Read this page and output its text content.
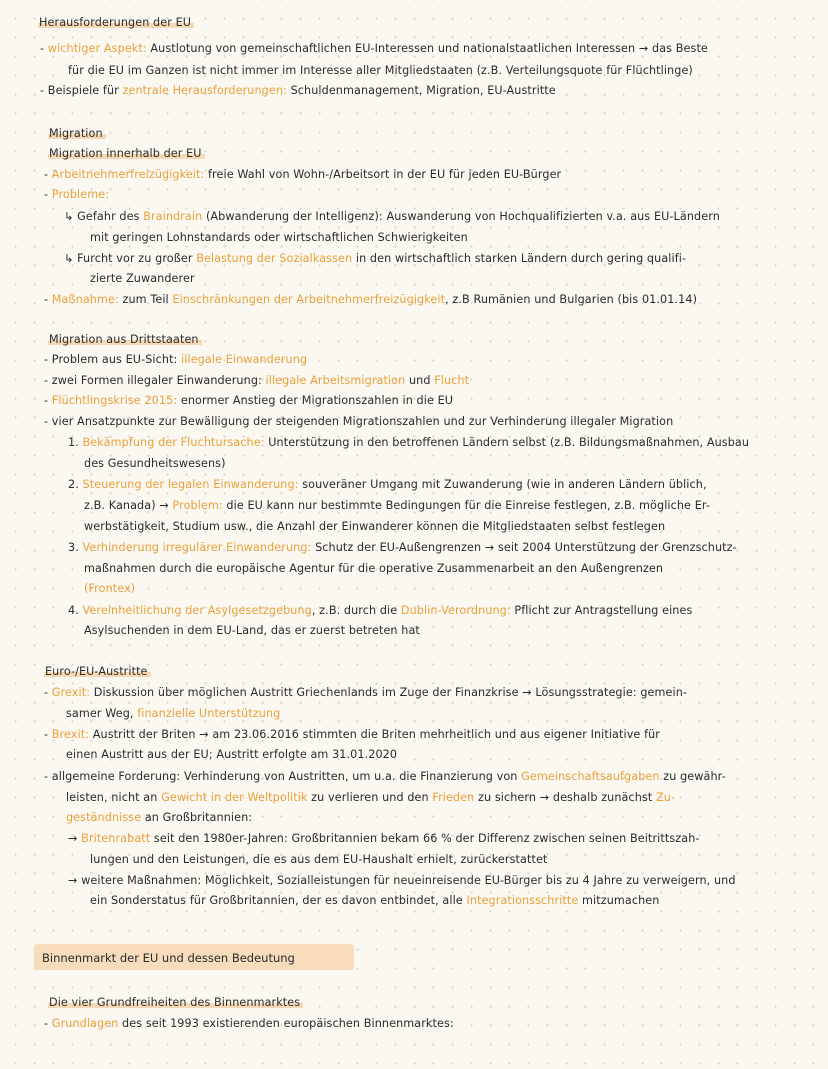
Herausforderungen der EU
- wichtiger Aspekt: Austlotung von gemeinschaftlichen EU-Interessen und nationalstaatlichen Interessen → das Beste
für die EU im Ganzen ist nicht immer im Interesse aller Mitgliedstaaten (z.B. Verteilungsquote für Flüchtlinge)
- Beispiele für zentrale Herausforderungen: Schuldenmanagement, Migration, EU-Austritte
Migration
Migration innerhalb der EU
- Arbeitnehmerfreizügigkeit: freie Wahl von Wohn-/Arbeitsort in der EU für jeden EU-Bürger
- Probleme:
↳ Gefahr des Braindrain (Abwanderung der Intelligenz): Auswanderung von Hochqualifizierten v.a. aus EU-Ländern
mit geringen Lohnstandards oder wirtschaftlichen Schwierigkeiten
↳ Furcht vor zu großer Belastung der Sozialkassen in den wirtschaftlich starken Ländern durch gering qualifi-
zierte Zuwanderer
- Maßnahme: zum Teil Einschränkungen der Arbeitnehmerfreizügigkeit, z.B Rumänien und Bulgarien (bis 01.01.14)
Migration aus Drittstaaten
- Problem aus EU-Sicht: illegale Einwanderung
- zwei Formen illegaler Einwanderung: illegale Arbeitsmigration und Flucht
- Flüchtlingskrise 2015: enormer Anstieg der Migrationszahlen in die EU
- vier Ansatzpunkte zur Bewälligung der steigenden Migrationszahlen und zur Verhinderung illegaler Migration
1. Bekämpfung der Fluchtursache: Unterstützung in den betroffenen Ländern selbst (z.B. Bildungsmaßnahmen, Ausbau
des Gesundheitswesens)
2. Steuerung der legalen Einwanderung: souveräner Umgang mit Zuwanderung (wie in anderen Ländern üblich,
z.B. Kanada) → Problem: die EU kann nur bestimmte Bedingungen für die Einreise festlegen, z.B. mögliche Er-
werbstätigkeit, Studium usw., die Anzahl der Einwanderer können die Mitgliedstaaten selbst festlegen
3. Verhinderung irregulärer Einwanderung: Schutz der EU-Außengrenzen → seit 2004 Unterstützung der Grenzschutz-
maßnahmen durch die europäische Agentur für die operative Zusammenarbeit an den Außengrenzen
(Frontex)
4. Vereinheitlichung der Asylgesetzgebung, z.B. durch die Dublin-Verordnung: Pflicht zur Antragstellung eines
Asylsuchenden in dem EU-Land, das er zuerst betreten hat
Euro-/EU-Austritte
- Grexit: Diskussion über möglichen Austritt Griechenlands im Zuge der Finanzkrise → Lösungsstrategie: gemein-
samer Weg, finanzielle Unterstützung
- Brexit: Austritt der Briten → am 23.06.2016 stimmten die Briten mehrheitlich und aus eigener Initiative für
einen Austritt aus der EU; Austritt erfolgte am 31.01.2020
- allgemeine Forderung: Verhinderung von Austritten, um u.a. die Finanzierung von Gemeinschaftsaufgaben zu gewähr-
leisten, nicht an Gewicht in der Weltpolitik zu verlieren und den Frieden zu sichern → deshalb zunächst Zu-
geständnisse an Großbritannien:
→ Britenrabatt seit den 1980er-Jahren: Großbritannien bekam 66 % der Differenz zwischen seinen Beitrittszah-
lungen und den Leistungen, die es aus dem EU-Haushalt erhielt, zurückerstattet
→ weitere Maßnahmen: Möglichkeit, Sozialleistungen für neueinreisende EU-Bürger bis zu 4 Jahre zu verweigern, und
ein Sonderstatus für Großbritannien, der es davon entbindet, alle Integrationsschritte mitzumachen
Binnenmarkt der EU und dessen Bedeutung
Die vier Grundfreiheiten des Binnenmarktes
- Grundlagen des seit 1993 existierenden europäischen Binnenmarktes:
